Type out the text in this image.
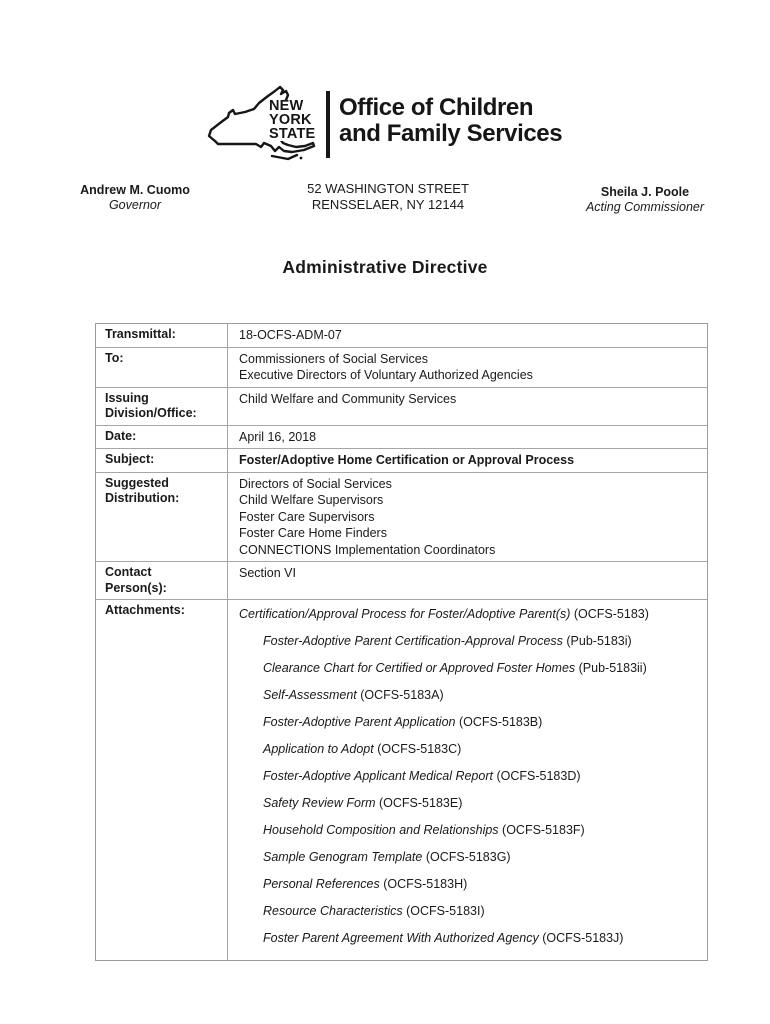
NEW
YORK
STATE
Office of Children
and Family Services
Andrew M. Cuomo
Governor
52 WASHINGTON STREET
RENSSELAER, NY 12144
Sheila J. Poole
Acting Commissioner
Administrative Directive
Transmittal:	18-OCFS-ADM-07
To:	Commissioners of Social Services
Executive Directors of Voluntary Authorized Agencies
Issuing
Division/Office:
Child Welfare and Community Services
Date:	April 16, 2018
Subject:	Foster/Adoptive Home Certification or Approval Process
Suggested
Distribution:
Directors of Social Services
Child Welfare Supervisors
Foster Care Supervisors
Foster Care Home Finders
CONNECTIONS Implementation Coordinators
Contact
Person(s):
Section VI
Attachments:	Certification/Approval Process for Foster/Adoptive Parent(s) (OCFS-5183)
Foster-Adoptive Parent Certification-Approval Process (Pub-5183i)
Clearance Chart for Certified or Approved Foster Homes (Pub-5183ii)
Self-Assessment (OCFS-5183A)
Foster-Adoptive Parent Application (OCFS-5183B)
Application to Adopt (OCFS-5183C)
Foster-Adoptive Applicant Medical Report (OCFS-5183D)
Safety Review Form (OCFS-5183E)
Household Composition and Relationships (OCFS-5183F)
Sample Genogram Template (OCFS-5183G)
Personal References (OCFS-5183H)
Resource Characteristics (OCFS-5183I)
Foster Parent Agreement With Authorized Agency (OCFS-5183J)
